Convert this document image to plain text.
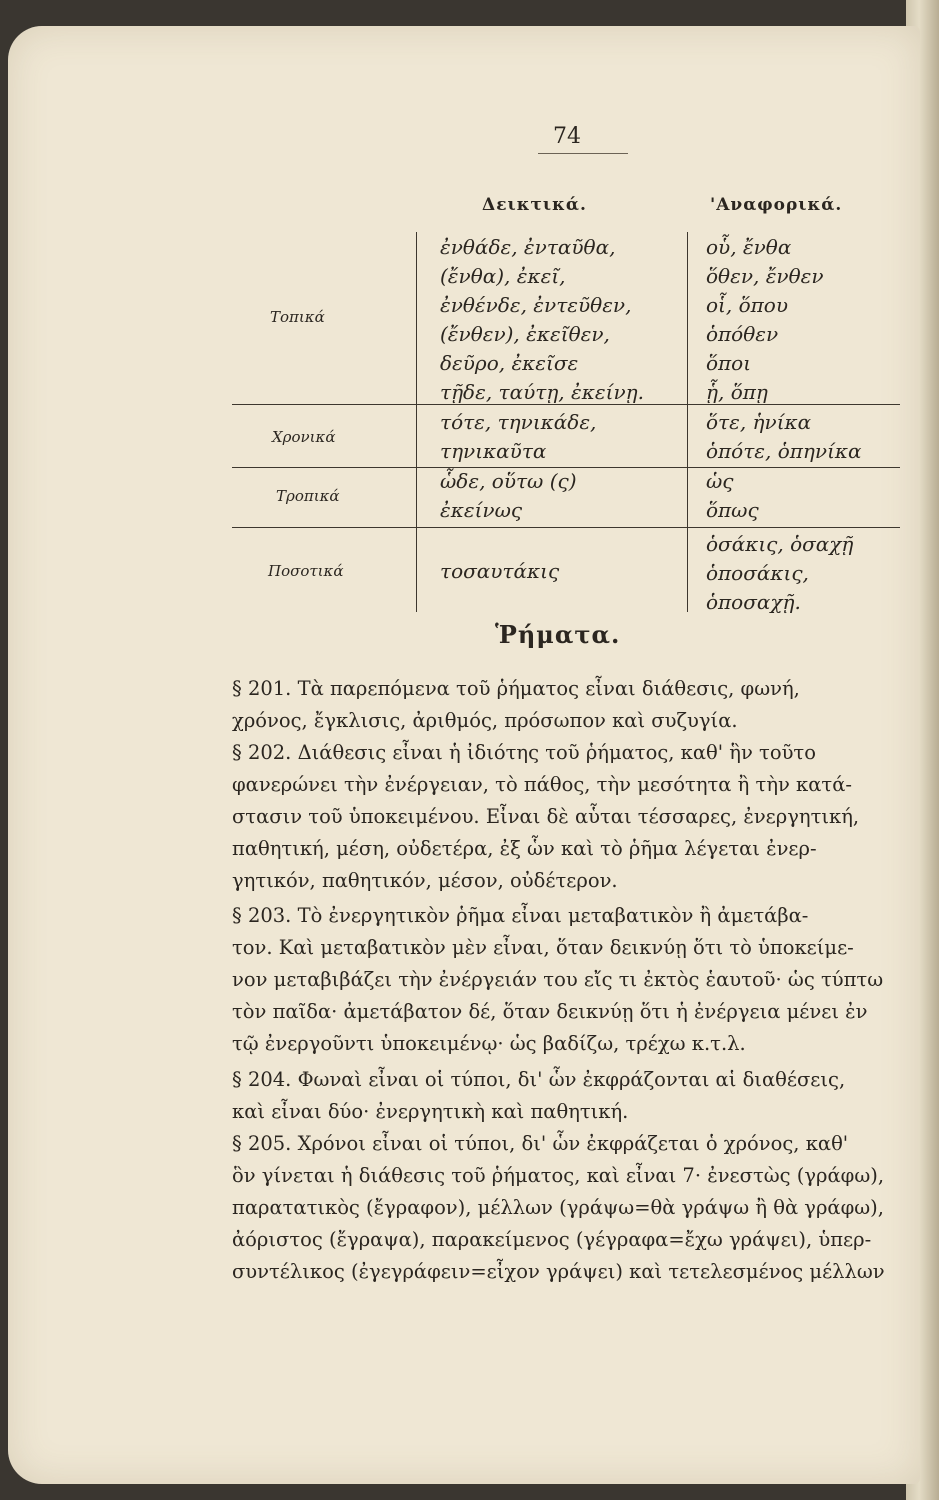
74
Δεικτικά.	'Αναφορικά.
Τοπικά
ἐνθάδε, ἐνταῦθα,
(ἔνθα), ἐκεῖ,
ἐνθένδε, ἐντεῦθεν,
(ἔνθεν), ἐκεῖθεν,
δεῦρο, ἐκεῖσε
τῇδε, ταύτῃ, ἐκείνῃ.
οὗ, ἔνθα
ὅθεν, ἔνθεν
οἷ, ὅπου
ὁπόθεν
ὅποι
ᾗ, ὅπῃ
Χρονικά
τότε, τηνικάδε,
τηνικαῦτα
ὅτε, ἡνίκα
ὁπότε, ὁπηνίκα
Τροπικά
ὧδε, οὕτω (ς)
ἐκείνως
ὡς
ὅπως
Ποσοτικά	τοσαυτάκις
ὁσάκις, ὁσαχῇ
ὁποσάκις,
ὁποσαχῇ.
Ῥήματα.
§ 201. Τὰ παρεπόμενα τοῦ ῥήματος εἶναι διάθεσις, φωνή,
χρόνος, ἔγκλισις, ἀριθμός, πρόσωπον καὶ συζυγία.
§ 202. Διάθεσις εἶναι ἡ ἰδιότης τοῦ ῥήματος, καθ' ἣν τοῦτο
φανερώνει τὴν ἐνέργειαν, τὸ πάθος, τὴν μεσότητα ἢ τὴν κατά-
στασιν τοῦ ὑποκειμένου. Εἶναι δὲ αὗται τέσσαρες, ἐνεργητική,
παθητική, μέση, οὐδετέρα, ἐξ ὧν καὶ τὸ ῥῆμα λέγεται ἐνερ-
γητικόν, παθητικόν, μέσον, οὐδέτερον.
§ 203. Τὸ ἐνεργητικὸν ῥῆμα εἶναι μεταβατικὸν ἢ ἀμετάβα-
τον. Καὶ μεταβατικὸν μὲν εἶναι, ὅταν δεικνύῃ ὅτι τὸ ὑποκείμε-
νον μεταβιβάζει τὴν ἐνέργειάν του εἴς τι ἐκτὸς ἑαυτοῦ· ὡς τύπτω
τὸν παῖδα· ἀμετάβατον δέ, ὅταν δεικνύῃ ὅτι ἡ ἐνέργεια μένει ἐν
τῷ ἐνεργοῦντι ὑποκειμένῳ· ὡς βαδίζω, τρέχω κ.τ.λ.
§ 204. Φωναὶ εἶναι οἱ τύποι, δι' ὧν ἐκφράζονται αἱ διαθέσεις,
καὶ εἶναι δύο· ἐνεργητικὴ καὶ παθητική.
§ 205. Χρόνοι εἶναι οἱ τύποι, δι' ὧν ἐκφράζεται ὁ χρόνος, καθ'
ὃν γίνεται ἡ διάθεσις τοῦ ῥήματος, καὶ εἶναι 7· ἐνεστὼς (γράφω),
παρατατικὸς (ἔγραφον), μέλλων (γράψω=θὰ γράψω ἢ θὰ γράφω),
ἀόριστος (ἔγραψα), παρακείμενος (γέγραφα=ἔχω γράψει), ὑπερ-
συντέλικος (ἐγεγράφειν=εἶχον γράψει) καὶ τετελεσμένος μέλλων
